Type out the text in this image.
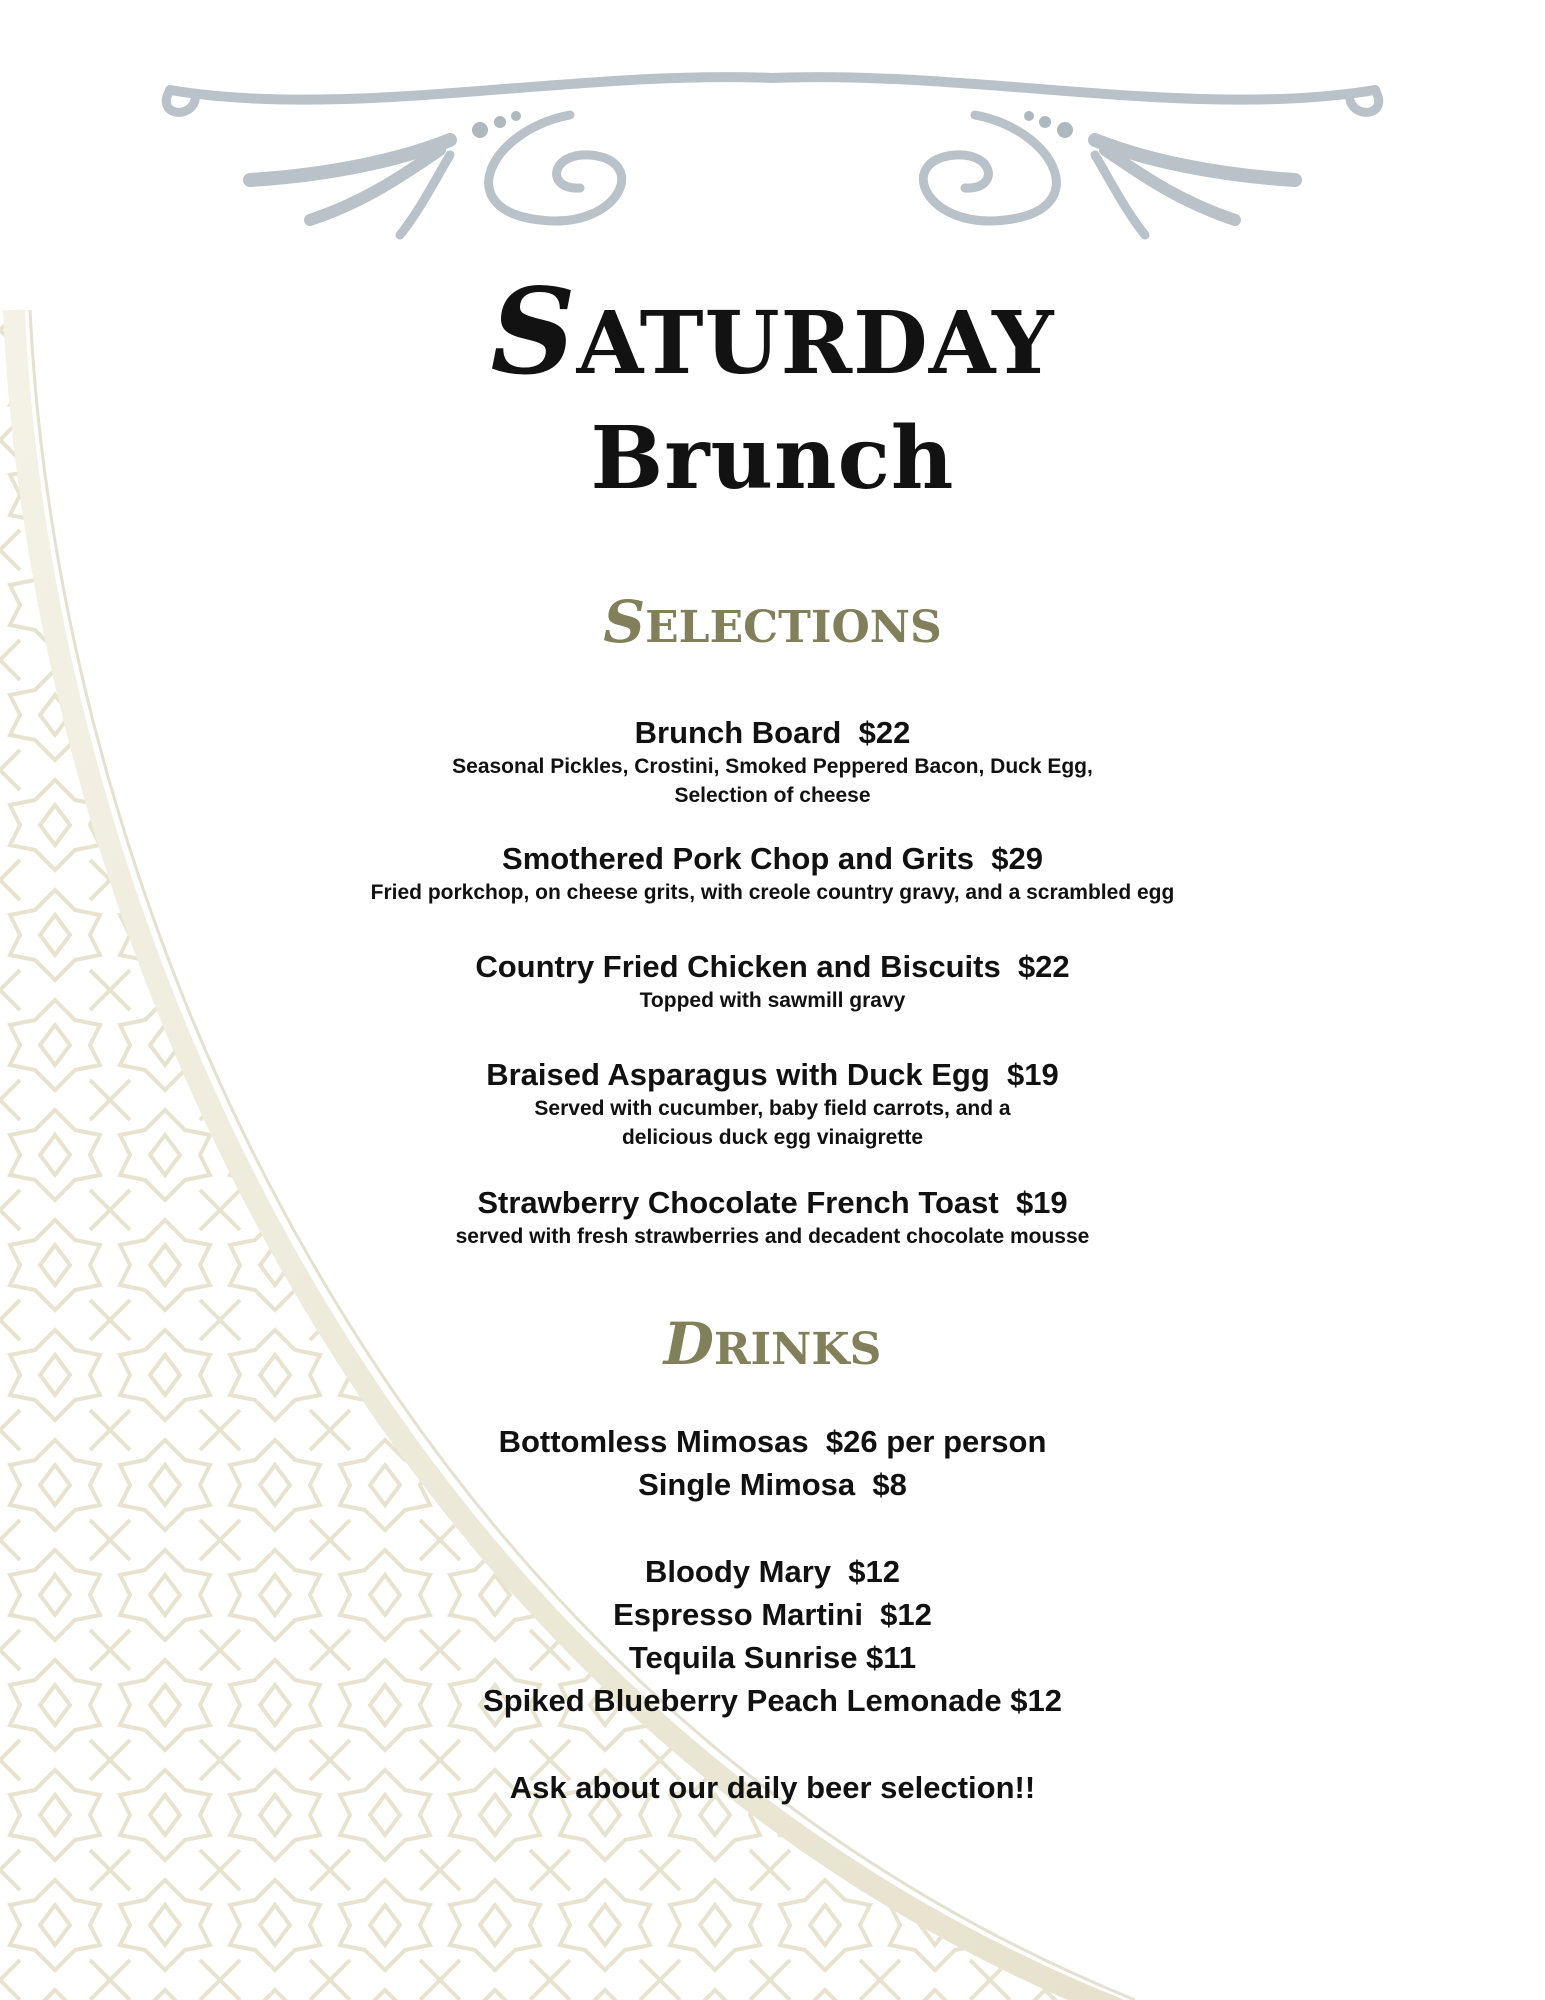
SATURDAY
Brunch
SELECTIONS
Brunch Board $22
Seasonal Pickles, Crostini, Smoked Peppered Bacon, Duck Egg,
Selection of cheese
Smothered Pork Chop and Grits $29
Fried porkchop, on cheese grits, with creole country gravy, and a scrambled egg
Country Fried Chicken and Biscuits $22
Topped with sawmill gravy
Braised Asparagus with Duck Egg $19
Served with cucumber, baby field carrots, and a
delicious duck egg vinaigrette
Strawberry Chocolate French Toast $19
served with fresh strawberries and decadent chocolate mousse
DRINKS
Bottomless Mimosas  $26 per person
Single Mimosa  $8
Bloody Mary  $12
Espresso Martini  $12
Tequila Sunrise $11
Spiked Blueberry Peach Lemonade $12
Ask about our daily beer selection!!
